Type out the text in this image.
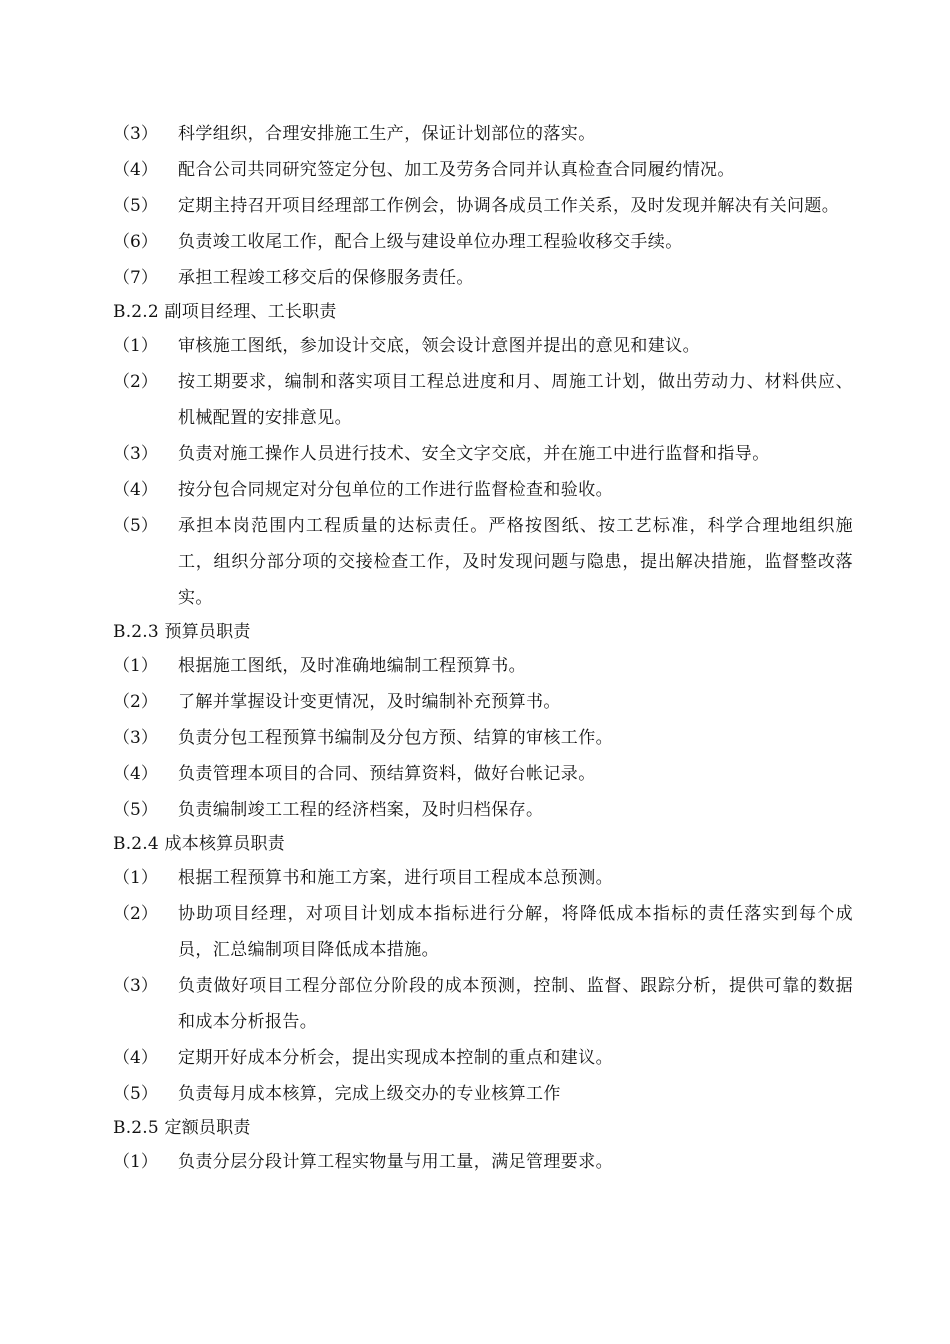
（3）	科学组织，合理安排施工生产，保证计划部位的落实。
（4）	配合公司共同研究签定分包、加工及劳务合同并认真检查合同履约情况。
（5）	定期主持召开项目经理部工作例会，协调各成员工作关系，及时发现并解决有关问题。
（6）	负责竣工收尾工作，配合上级与建设单位办理工程验收移交手续。
（7）	承担工程竣工移交后的保修服务责任。
B.2.2 副项目经理、工长职责
（1）	审核施工图纸，参加设计交底，领会设计意图并提出的意见和建议。
（2）	按工期要求，编制和落实项目工程总进度和月、周施工计划，做出劳动力、材料供应、机械配置的安排意见。
（3）	负责对施工操作人员进行技术、安全文字交底，并在施工中进行监督和指导。
（4）	按分包合同规定对分包单位的工作进行监督检查和验收。
（5）	承担本岗范围内工程质量的达标责任。严格按图纸、按工艺标准，科学合理地组织施工，组织分部分项的交接检查工作，及时发现问题与隐患，提出解决措施，监督整改落实。
B.2.3 预算员职责
（1）	根据施工图纸，及时准确地编制工程预算书。
（2）	了解并掌握设计变更情况，及时编制补充预算书。
（3）	负责分包工程预算书编制及分包方预、结算的审核工作。
（4）	负责管理本项目的合同、预结算资料，做好台帐记录。
（5）	负责编制竣工工程的经济档案，及时归档保存。
B.2.4 成本核算员职责
（1）	根据工程预算书和施工方案，进行项目工程成本总预测。
（2）	协助项目经理，对项目计划成本指标进行分解，将降低成本指标的责任落实到每个成员，汇总编制项目降低成本措施。
（3）	负责做好项目工程分部位分阶段的成本预测，控制、监督、跟踪分析，提供可靠的数据和成本分析报告。
（4）	定期开好成本分析会，提出实现成本控制的重点和建议。
（5）	负责每月成本核算，完成上级交办的专业核算工作
B.2.5 定额员职责
（1）	负责分层分段计算工程实物量与用工量，满足管理要求。
